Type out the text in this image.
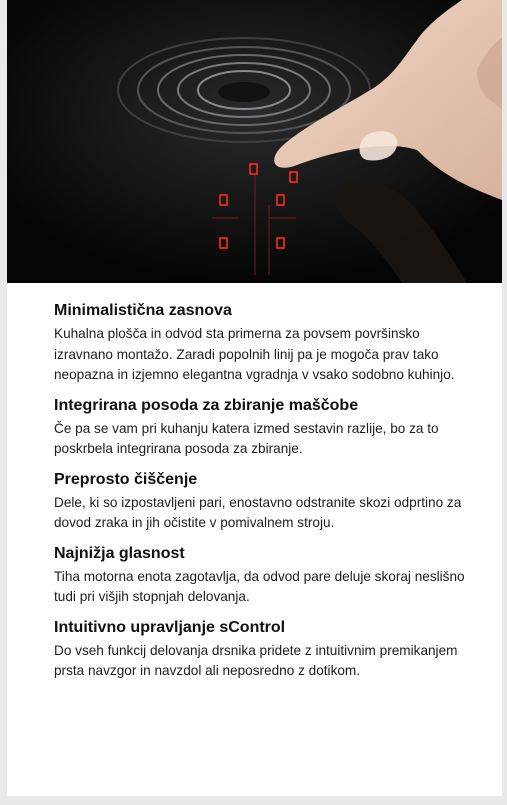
Minimalistična zasnova

Kuhalna plošča in odvod sta primerna za povsem površinsko izravnano montažo. Zaradi popolnih linij pa je mogoča prav tako neopazna in izjemno elegantna vgradnja v vsako sodobno kuhinjo.

Integrirana posoda za zbiranje maščobe

Če pa se vam pri kuhanju katera izmed sestavin razlije, bo za to poskrbela integrirana posoda za zbiranje.

Preprosto čiščenje

Dele, ki so izpostavljeni pari, enostavno odstranite skozi odprtino za dovod zraka in jih očistite v pomivalnem stroju.

Najnižja glasnost

Tiha motorna enota zagotavlja, da odvod pare deluje skoraj neslišno tudi pri višjih stopnjah delovanja.

Intuitivno upravljanje sControl

Do vseh funkcij delovanja drsnika pridete z intuitivnim premikanjem prsta navzgor in navzdol ali neposredno z dotikom.
